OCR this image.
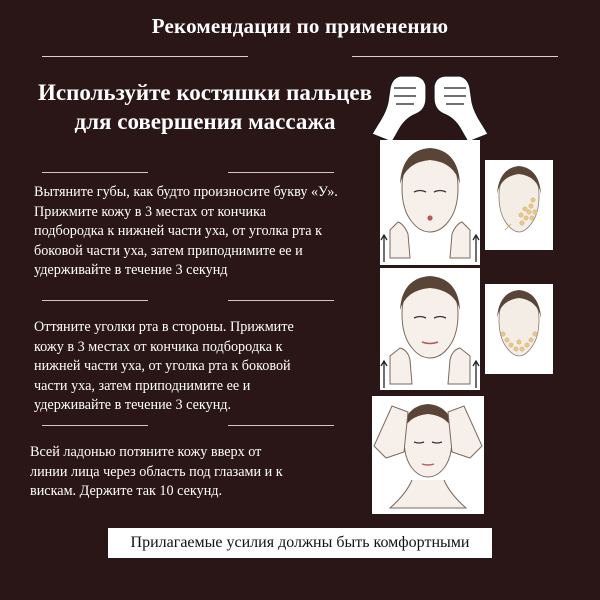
Рекомендации по применению
Используйте костяшки пальцев
для совершения массажа
Вытяните губы, как будто произносите букву «У».
Прижмите кожу в 3 местах от кончика
подбородка к нижней части уха, от уголка рта к
боковой части уха, затем приподнимите ее и
удерживайте в течение 3 секунд
Оттяните уголки рта в стороны. Прижмите
кожу в 3 местах от кончика подбородка к
нижней части уха, от уголка рта к боковой
части уха, затем приподнимите ее и
удерживайте в течение 3 секунд.
Всей ладонью потяните кожу вверх от
линии лица через область под глазами и к
вискам. Держите так 10 секунд.
Прилагаемые усилия должны быть комфортными
